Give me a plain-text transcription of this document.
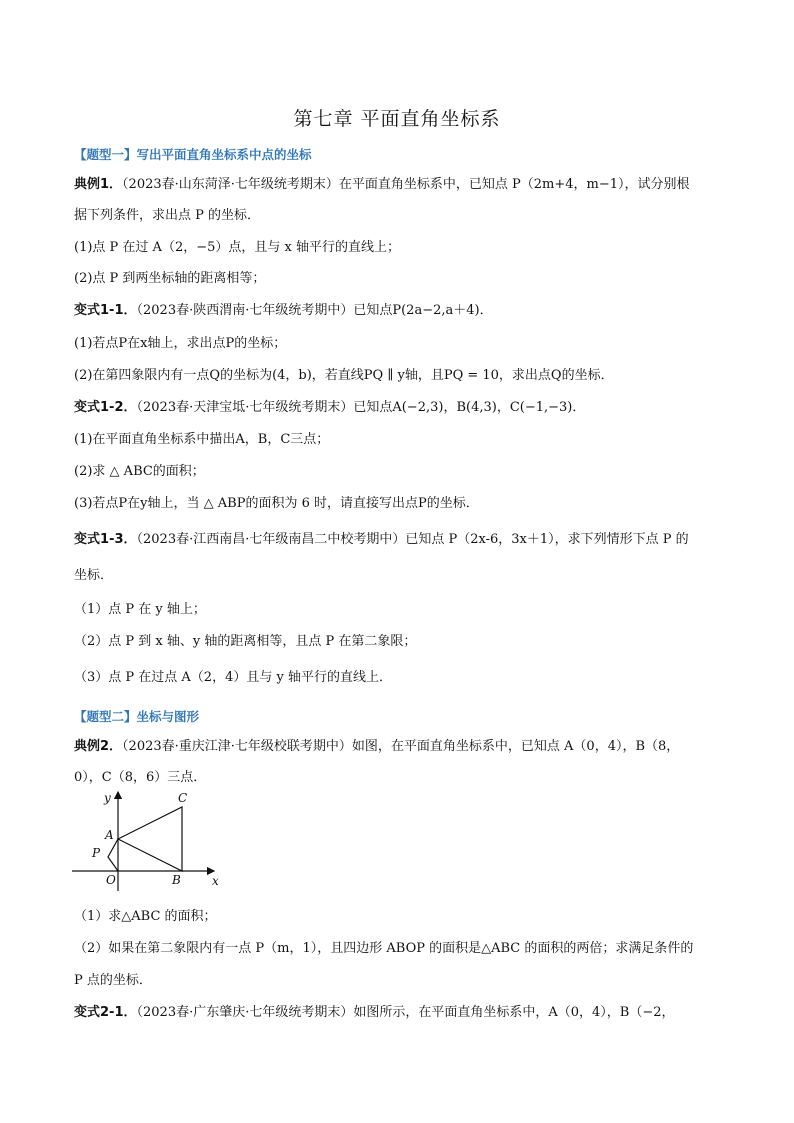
第七章 平面直角坐标系
【题型一】写出平面直角坐标系中点的坐标
典例1．（2023春·山东菏泽·七年级统考期末）在平面直角坐标系中，已知点 P（2m+4，m−1），试分别根
据下列条件，求出点 P 的坐标．
(1)点 P 在过 A（2，−5）点，且与 x 轴平行的直线上；
(2)点 P 到两坐标轴的距离相等；
变式1-1．（2023春·陕西渭南·七年级统考期中）已知点P(2a−2,a＋4)．
(1)若点P在x轴上，求出点P的坐标；
(2)在第四象限内有一点Q的坐标为(4，b)，若直线PQ ∥ y轴，且PQ = 10，求出点Q的坐标．
变式1-2．（2023春·天津宝坻·七年级统考期末）已知点A(−2,3)，B(4,3)，C(−1,−3)．
(1)在平面直角坐标系中描出A，B，C三点；
(2)求 △ ABC的面积；
(3)若点P在y轴上，当 △ ABP的面积为 6 时，请直接写出点P的坐标．
变式1-3．（2023春·江西南昌·七年级南昌二中校考期中）已知点 P（2x-6，3x＋1），求下列情形下点 P 的
坐标．
（1）点 P 在 y 轴上；
（2）点 P 到 x 轴、y 轴的距离相等，且点 P 在第二象限；
（3）点 P 在过点 A（2，4）且与 y 轴平行的直线上．
【题型二】坐标与图形
典例2．（2023春·重庆江津·七年级校联考期中）如图，在平面直角坐标系中，已知点 A（0，4），B（8，
0），C（8，6）三点．
y
x
C
A
P
O	B
（1）求△ABC 的面积；
（2）如果在第二象限内有一点 P（m，1），且四边形 ABOP 的面积是△ABC 的面积的两倍；求满足条件的
P 点的坐标．
变式2-1．（2023春·广东肇庆·七年级统考期末）如图所示，在平面直角坐标系中，A（0，4），B（−2，
